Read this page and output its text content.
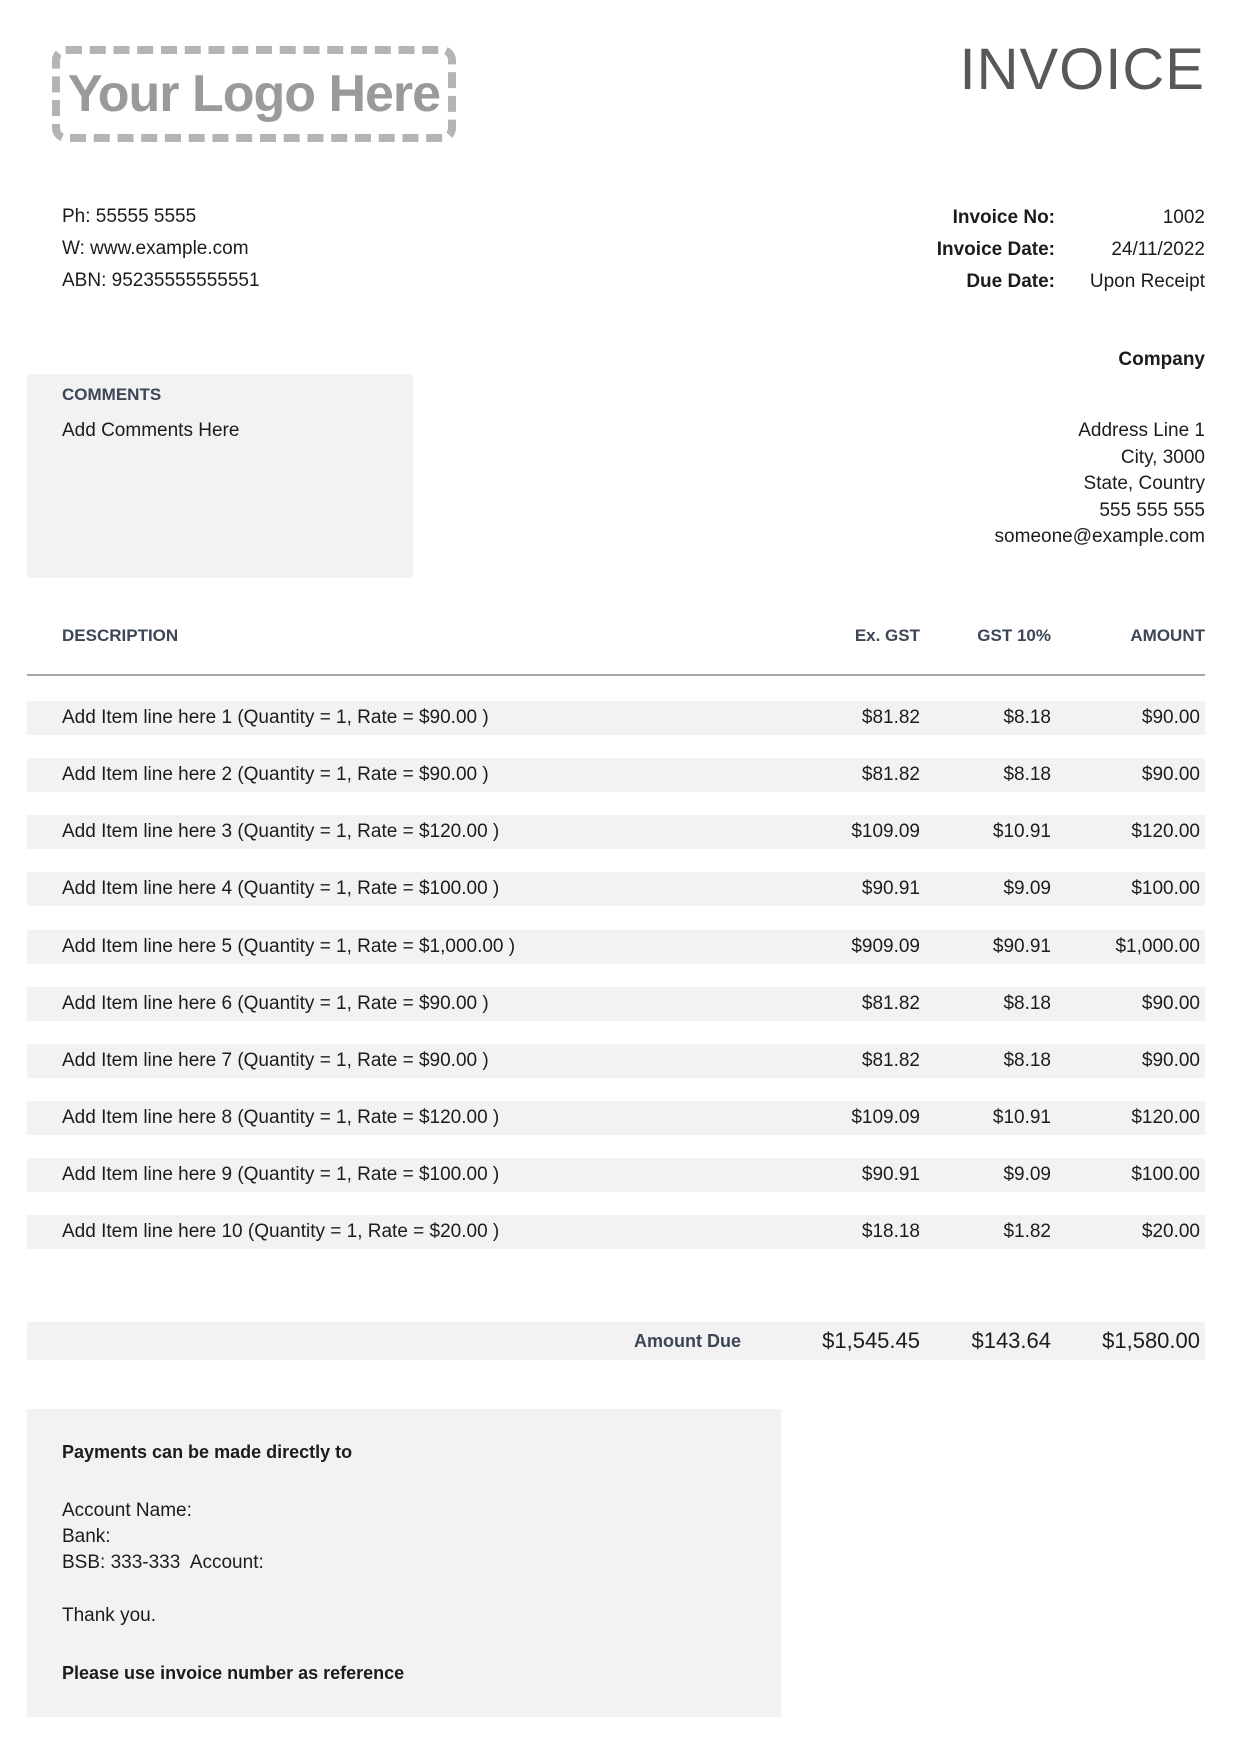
Your Logo Here	INVOICE
Ph: 55555 5555
W: www.example.com
ABN: 95235555555551
Invoice No:	1002
Invoice Date:	24/11/2022
Due Date:	Upon Receipt
COMMENTS
Add Comments Here
Company
Address Line 1
City, 3000
State, Country
555 555 555
someone@example.com
DESCRIPTION	Ex. GST	GST 10%	AMOUNT
Add Item line here 1 (Quantity = 1, Rate = $90.00 )	$81.82	$8.18	$90.00
Add Item line here 2 (Quantity = 1, Rate = $90.00 )	$81.82	$8.18	$90.00
Add Item line here 3 (Quantity = 1, Rate = $120.00 )	$109.09	$10.91	$120.00
Add Item line here 4 (Quantity = 1, Rate = $100.00 )	$90.91	$9.09	$100.00
Add Item line here 5 (Quantity = 1, Rate = $1,000.00 )	$909.09	$90.91	$1,000.00
Add Item line here 6 (Quantity = 1, Rate = $90.00 )	$81.82	$8.18	$90.00
Add Item line here 7 (Quantity = 1, Rate = $90.00 )	$81.82	$8.18	$90.00
Add Item line here 8 (Quantity = 1, Rate = $120.00 )	$109.09	$10.91	$120.00
Add Item line here 9 (Quantity = 1, Rate = $100.00 )	$90.91	$9.09	$100.00
Add Item line here 10 (Quantity = 1, Rate = $20.00 )	$18.18	$1.82	$20.00
Amount Due	$1,545.45 $143.64 $1,580.00
Payments can be made directly to
Account Name:
Bank:
BSB: 333-333  Account:
Thank you.
Please use invoice number as reference
